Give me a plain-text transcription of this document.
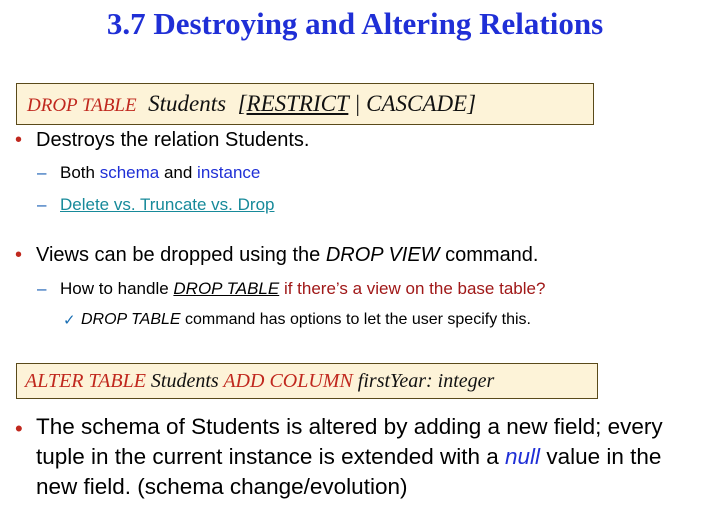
3.7 Destroying and Altering Relations
DROP TABLE Students [RESTRICT | CASCADE]
• Destroys the relation Students.
– Both schema and instance
– Delete vs. Truncate vs. Drop
• Views can be dropped using the DROP VIEW command.
– How to handle DROP TABLE if there’s a view on the base table?
✓ DROP TABLE command has options to let the user specify this.
ALTER TABLE Students ADD COLUMN firstYear: integer
• The schema of Students is altered by adding a new field; every tuple in the current instance is extended with a null value in the new field. (schema change/evolution)
